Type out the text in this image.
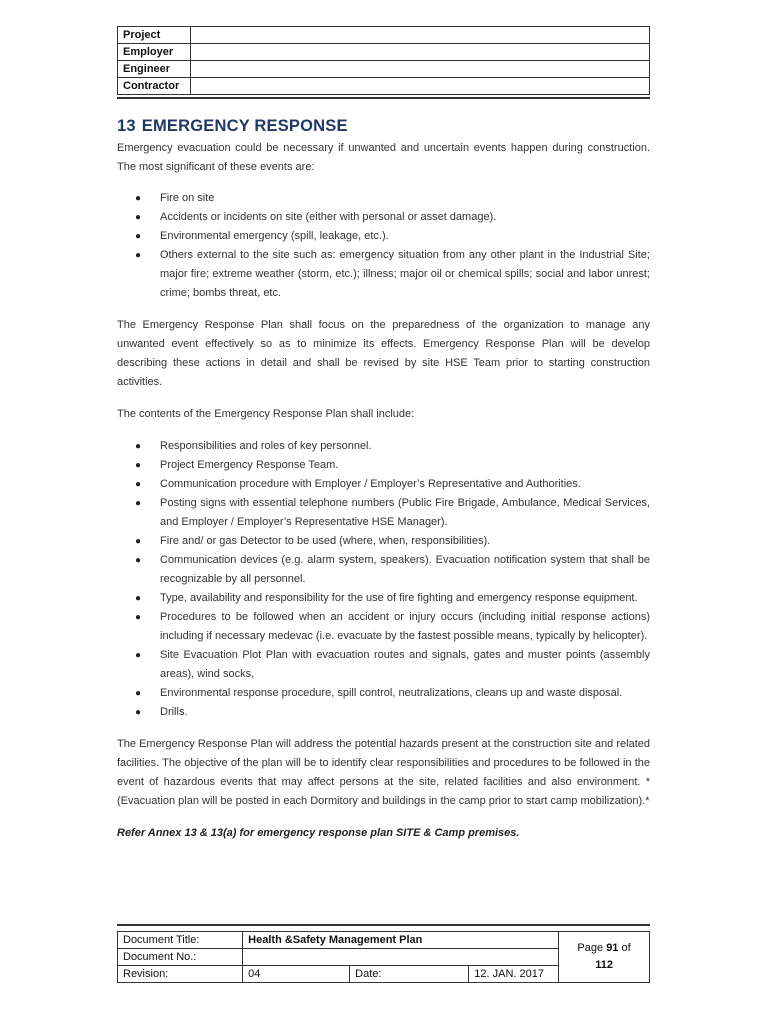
Project	
Employer	
Engineer	
Contractor	
13 EMERGENCY RESPONSE

Emergency evacuation could be necessary if unwanted and uncertain events happen during construction. The most significant of these events are:

● Fire on site
● Accidents or incidents on site (either with personal or asset damage).
● Environmental emergency (spill, leakage, etc.).
● Others external to the site such as: emergency situation from any other plant in the Industrial Site; major fire; extreme weather (storm, etc.); illness; major oil or chemical spills; social and labor unrest; crime; bombs threat, etc.

The Emergency Response Plan shall focus on the preparedness of the organization to manage any unwanted event effectively so as to minimize its effects. Emergency Response Plan will be develop describing these actions in detail and shall be revised by site HSE Team prior to starting construction activities.

The contents of the Emergency Response Plan shall include:

● Responsibilities and roles of key personnel.
● Project Emergency Response Team.
● Communication procedure with Employer / Employer’s Representative and Authorities.
● Posting signs with essential telephone numbers (Public Fire Brigade, Ambulance, Medical Services, and Employer / Employer’s Representative HSE Manager).
● Fire and/ or gas Detector to be used (where, when, responsibilities).
● Communication devices (e.g. alarm system, speakers). Evacuation notification system that shall be recognizable by all personnel.
● Type, availability and responsibility for the use of fire fighting and emergency response equipment.
● Procedures to be followed when an accident or injury occurs (including initial response actions) including if necessary medevac (i.e. evacuate by the fastest possible means, typically by helicopter).
● Site Evacuation Plot Plan with evacuation routes and signals, gates and muster points (assembly areas), wind socks,
● Environmental response procedure, spill control, neutralizations, cleans up and waste disposal.
● Drills.

The Emergency Response Plan will address the potential hazards present at the construction site and related facilities. The objective of the plan will be to identify clear responsibilities and procedures to be followed in the event of hazardous events that may affect persons at the site, related facilities and also environment. *(Evacuation plan will be posted in each Dormitory and buildings in the camp prior to start camp mobilization).*

Refer Annex 13 & 13(a) for emergency response plan SITE & Camp premises.

Document Title:	Health &Safety Management Plan			Page 91 of
112

Document No.:				
Revision:	04	Date:	12. JAN. 2017	
